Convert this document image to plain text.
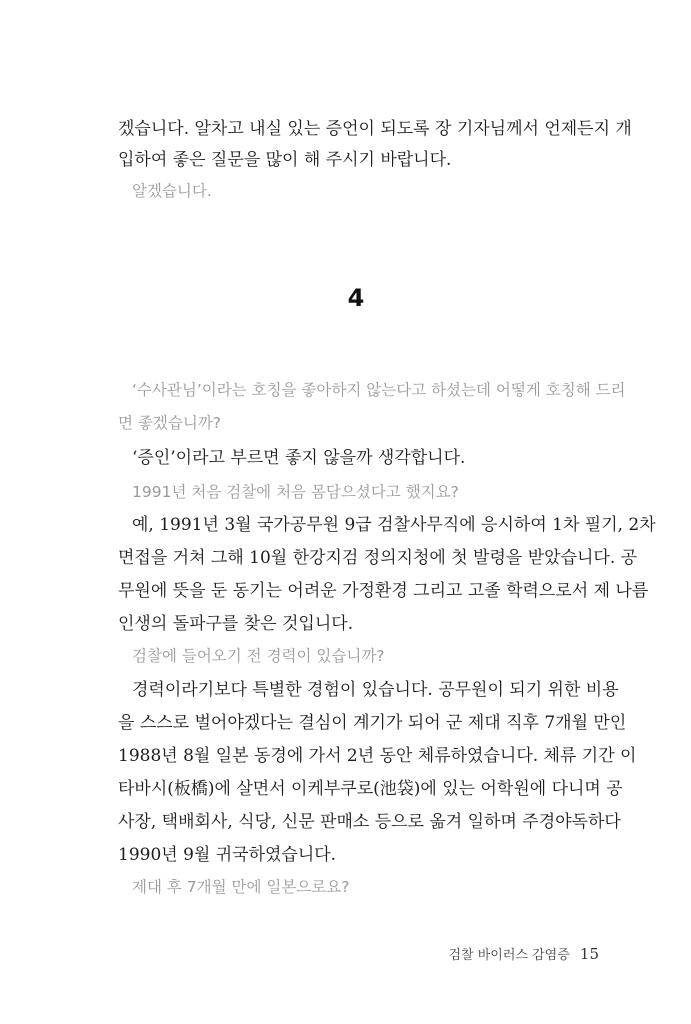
겠습니다. 알차고 내실 있는 증언이 되도록 장 기자님께서 언제든지 개

입하여 좋은 질문을 많이 해 주시기 바랍니다.

알겠습니다.

4

‘수사관님’이라는 호칭을 좋아하지 않는다고 하셨는데 어떻게 호칭해 드리

면 좋겠습니까?

‘증인’이라고 부르면 좋지 않을까 생각합니다.

1991년 처음 검찰에 처음 몸담으셨다고 했지요?

예, 1991년 3월 국가공무원 9급 검찰사무직에 응시하여 1차 필기, 2차

면접을 거쳐 그해 10월 한강지검 정의지청에 첫 발령을 받았습니다. 공

무원에 뜻을 둔 동기는 어려운 가정환경 그리고 고졸 학력으로서 제 나름

인생의 돌파구를 찾은 것입니다.

검찰에 들어오기 전 경력이 있습니까?

경력이라기보다 특별한 경험이 있습니다. 공무원이 되기 위한 비용

을 스스로 벌어야겠다는 결심이 계기가 되어 군 제대 직후 7개월 만인

1988년 8월 일본 동경에 가서 2년 동안 체류하였습니다. 체류 기간 이

타바시(板橋)에 살면서 이케부쿠로(池袋)에 있는 어학원에 다니며 공

사장, 택배회사, 식당, 신문 판매소 등으로 옮겨 일하며 주경야독하다

1990년 9월 귀국하였습니다.

제대 후 7개월 만에 일본으로요?

검찰 바이러스 감염증 15
